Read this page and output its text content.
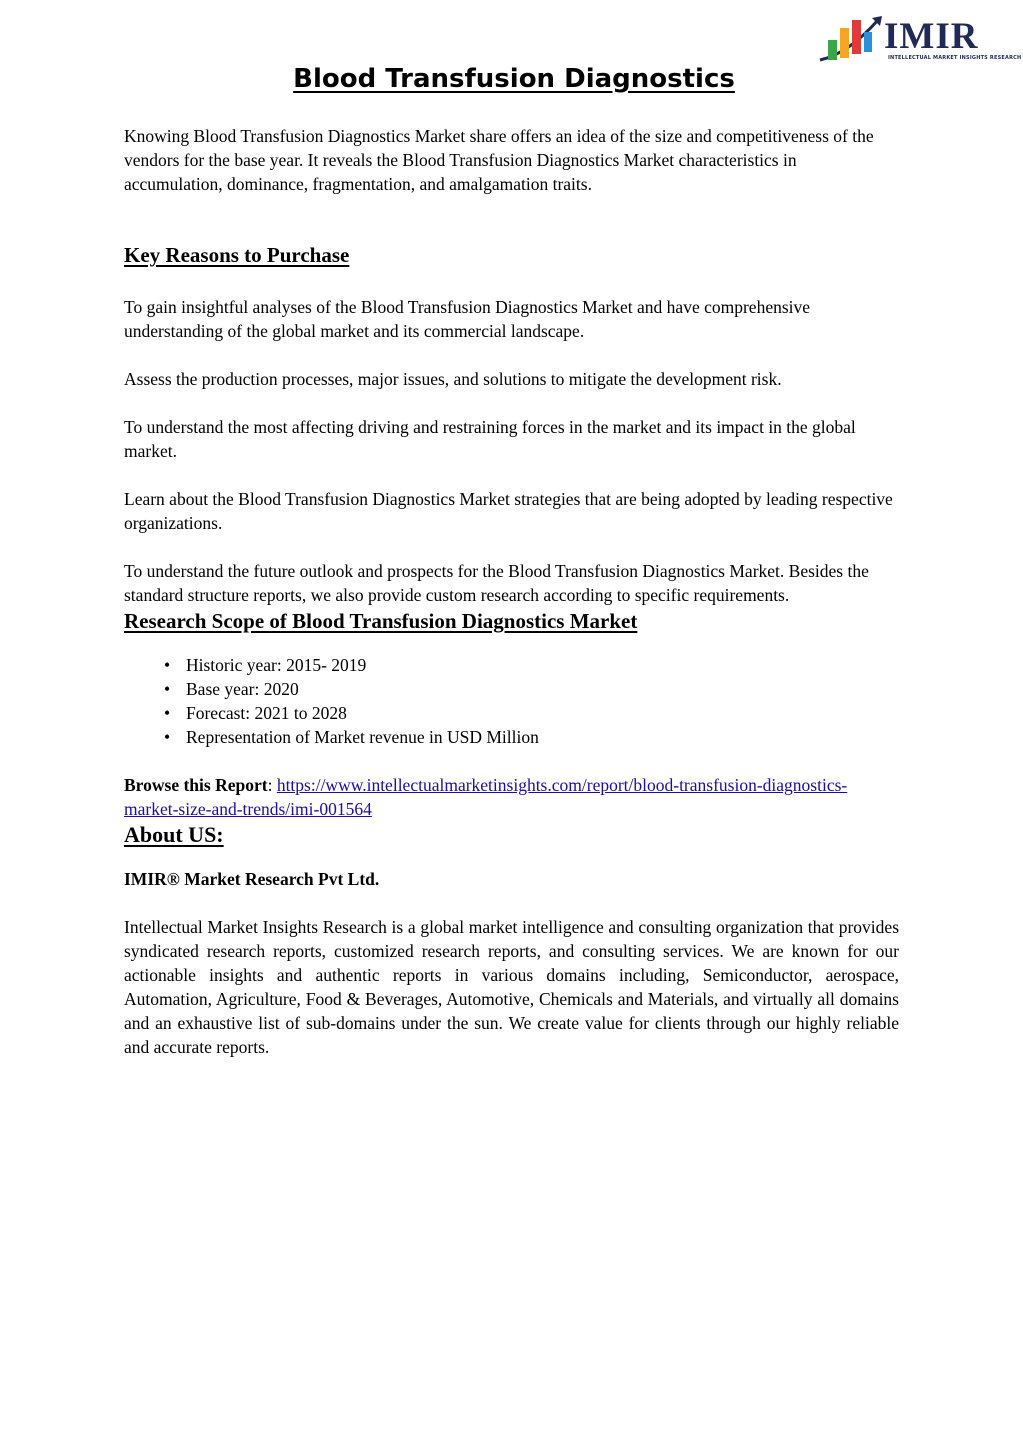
IMIR
INTELLECTUAL MARKET INSIGHTS RESEARCH
Blood Transfusion Diagnostics

Knowing Blood Transfusion Diagnostics Market share offers an idea of the size and competitiveness of the vendors for the base year. It reveals the Blood Transfusion Diagnostics Market characteristics in accumulation, dominance, fragmentation, and amalgamation traits.

Key Reasons to Purchase

To gain insightful analyses of the Blood Transfusion Diagnostics Market and have comprehensive understanding of the global market and its commercial landscape.

Assess the production processes, major issues, and solutions to mitigate the development risk.

To understand the most affecting driving and restraining forces in the market and its impact in the global market.

Learn about the Blood Transfusion Diagnostics Market strategies that are being adopted by leading respective organizations.

To understand the future outlook and prospects for the Blood Transfusion Diagnostics Market. Besides the standard structure reports, we also provide custom research according to specific requirements.

Research Scope of Blood Transfusion Diagnostics Market

• Historic year: 2015- 2019
• Base year: 2020
• Forecast: 2021 to 2028
• Representation of Market revenue in USD Million

Browse this Report: https://www.intellectualmarketinsights.com/report/blood-transfusion-diagnostics-market-size-and-trends/imi-001564

About US:

IMIR® Market Research Pvt Ltd.

Intellectual Market Insights Research is a global market intelligence and consulting organization that provides syndicated research reports, customized research reports, and consulting services. We are known for our actionable insights and authentic reports in various domains including, Semiconductor, aerospace, Automation, Agriculture, Food & Beverages, Automotive, Chemicals and Materials, and virtually all domains and an exhaustive list of sub-domains under the sun. We create value for clients through our highly reliable and accurate reports.
